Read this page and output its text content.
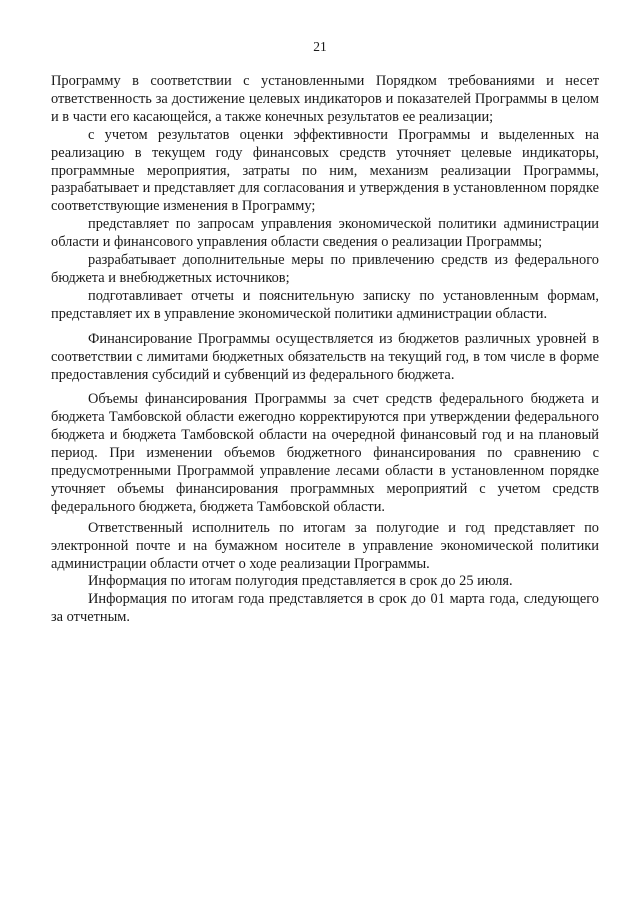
21

Программу в соответствии с установленными Порядком требованиями и несет ответственность за достижение целевых индикаторов и показателей Программы в целом и в части его касающейся, а также конечных результатов ее реализации;

с учетом результатов оценки эффективности Программы и выделенных на реализацию в текущем году финансовых средств уточняет целевые индикаторы, программные мероприятия, затраты по ним, механизм реализации Программы, разрабатывает и представляет для согласования и утверждения в установленном порядке соответствующие изменения в Программу;

представляет по запросам управления экономической политики администрации области и финансового управления области сведения о реализации Программы;

разрабатывает дополнительные меры по привлечению средств из федерального бюджета и внебюджетных источников;

подготавливает отчеты и пояснительную записку по установленным формам, представляет их в управление экономической политики администрации области.

Финансирование Программы осуществляется из бюджетов различных уровней в соответствии с лимитами бюджетных обязательств на текущий год, в том числе в форме предоставления субсидий и субвенций из федерального бюджета.

Объемы финансирования Программы за счет средств федерального бюджета и бюджета Тамбовской области ежегодно корректируются при утверждении федерального бюджета и бюджета Тамбовской области на очередной финансовый год и на плановый период. При изменении объемов бюджетного финансирования по сравнению с предусмотренными Программой управление лесами области в установленном порядке уточняет объемы финансирования программных мероприятий с учетом средств федерального бюджета, бюджета Тамбовской области.

Ответственный исполнитель по итогам за полугодие и год представляет по электронной почте и на бумажном носителе в управление экономической политики администрации области отчет о ходе реализации Программы.

Информация по итогам полугодия представляется в срок до 25 июля.

Информация по итогам года представляется в срок до 01 марта года, следующего за отчетным.
